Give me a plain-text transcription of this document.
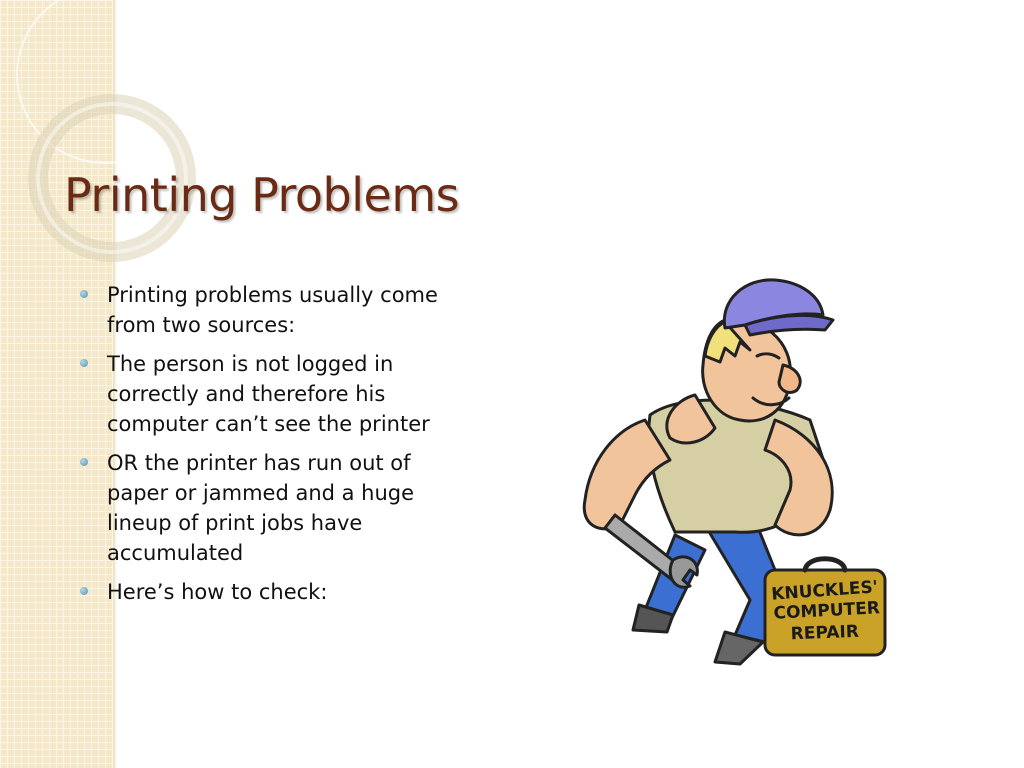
Printing Problems
Printing problems usually come from two sources:
The person is not logged in correctly and therefore his computer can’t see the printer
OR the printer has run out of paper or jammed and a huge lineup of print jobs have accumulated
Here’s how to check:	KNUCKLES'
COMPUTER
REPAIR
